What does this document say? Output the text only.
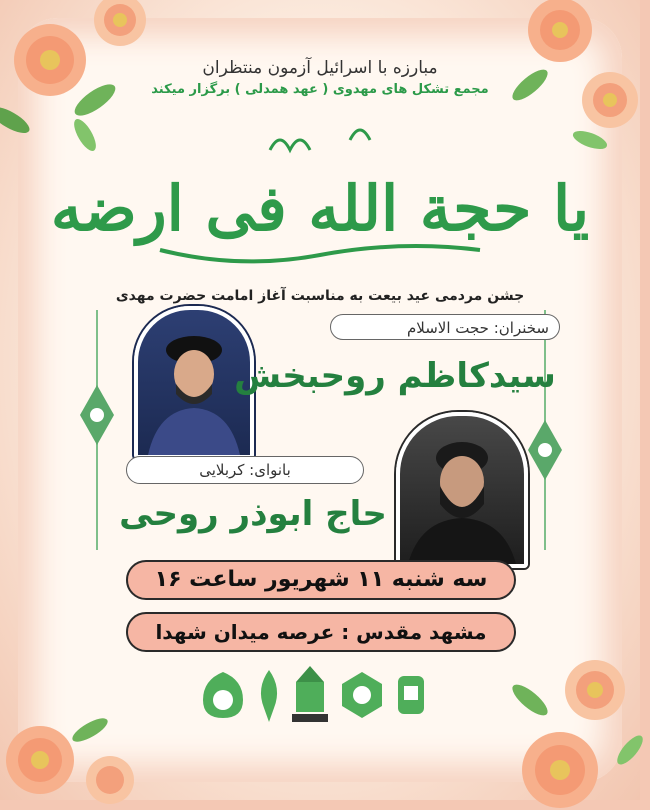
مبارزه با اسرائیل آزمون منتظران
مجمع تشکل های مهدوی ( عهد همدلی ) برگزار میکند
یا حجة الله فی ارضه
جشن مردمی عید بیعت به مناسبت آغاز امامت حضرت مهدی
سخنران: حجت الاسلام
سیدکاظم روحبخش
بانوای: کربلایی
حاج ابوذر روحی
سه شنبه ۱۱ شهریور ساعت ۱۶
مشهد مقدس : عرصه میدان شهدا
